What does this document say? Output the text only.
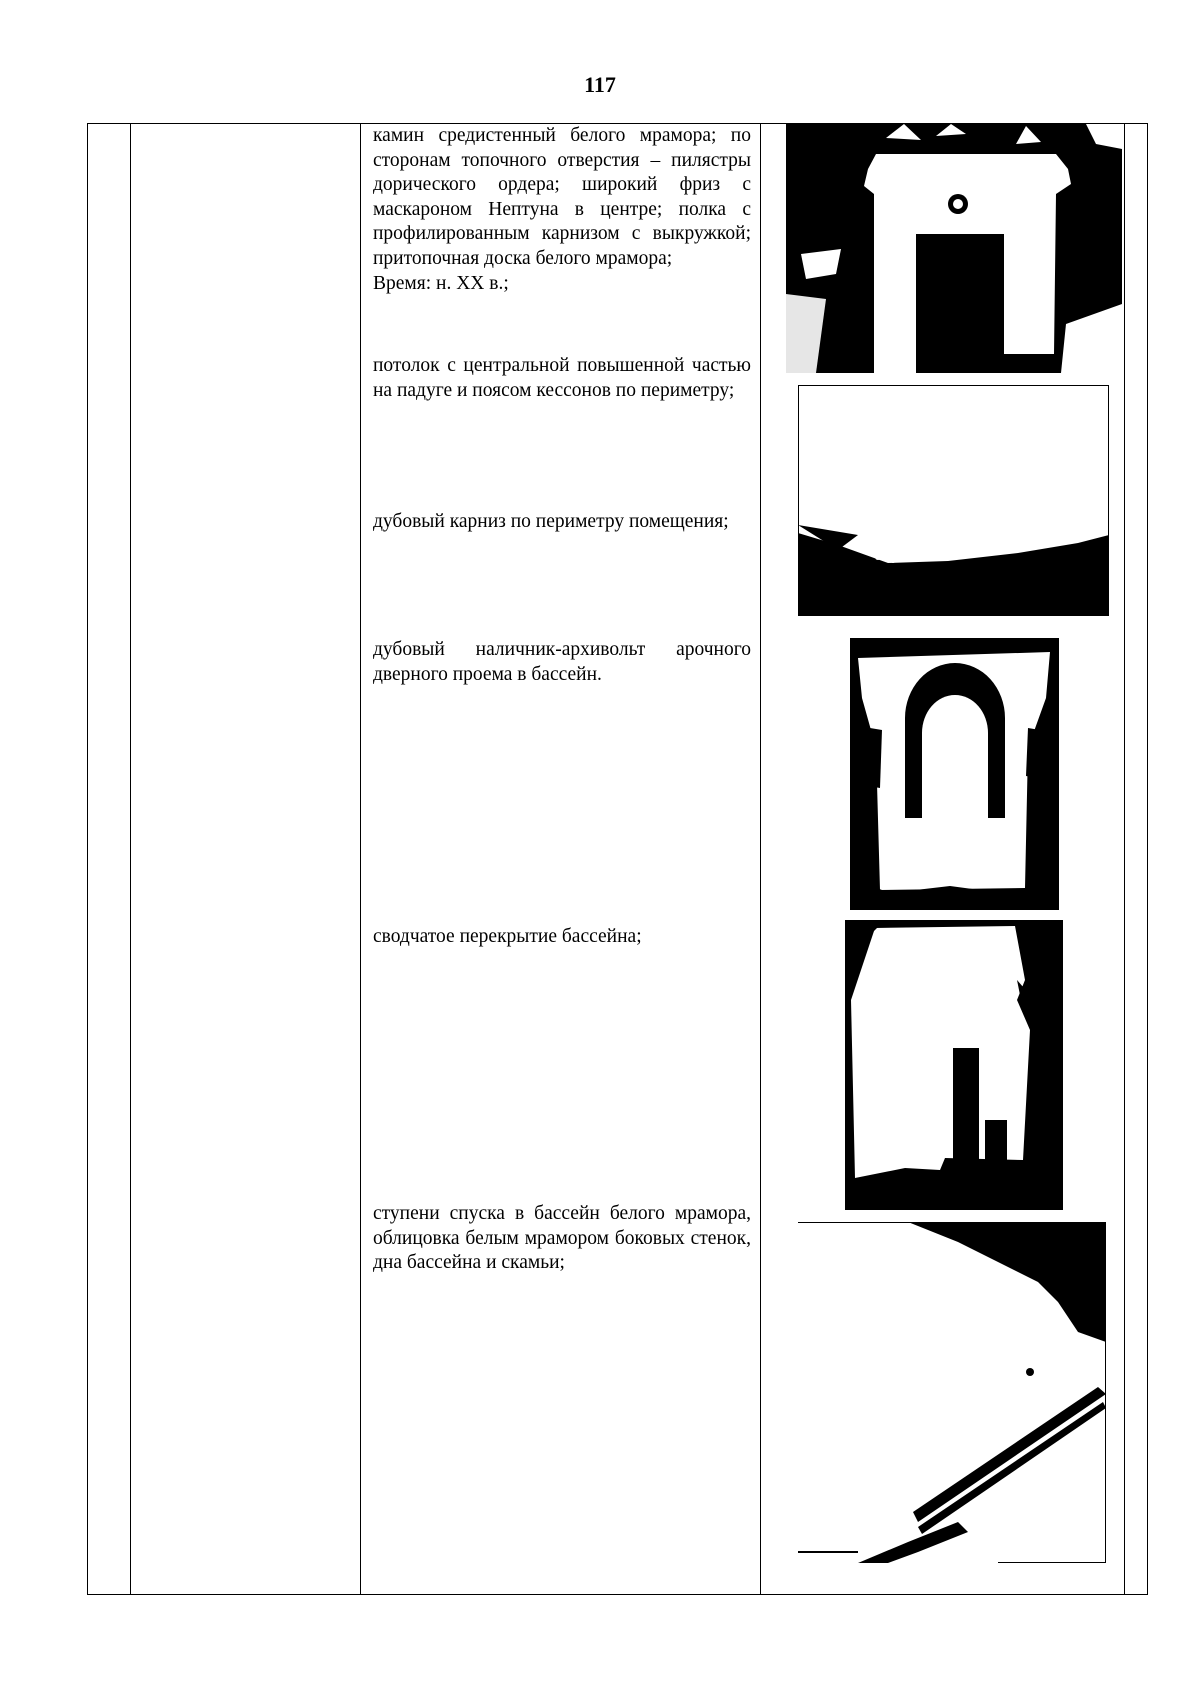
117

камин средистенный белого мрамора; по сторонам топочного отверстия – пилястры дорического ордера; широкий фриз с маскароном Нептуна в центре; полка с профилированным карнизом с выкружкой; притопочная доска белого мрамора;

Время: н. XX в.;

потолок с центральной повышенной частью на падуге и поясом кессонов по периметру;

дубовый карниз по периметру помещения;

дубовый наличник-архивольт арочного дверного проема в бассейн.

сводчатое перекрытие бассейна;

ступени спуска в бассейн белого мрамора, облицовка белым мрамором боковых стенок, дна бассейна и скамьи;
